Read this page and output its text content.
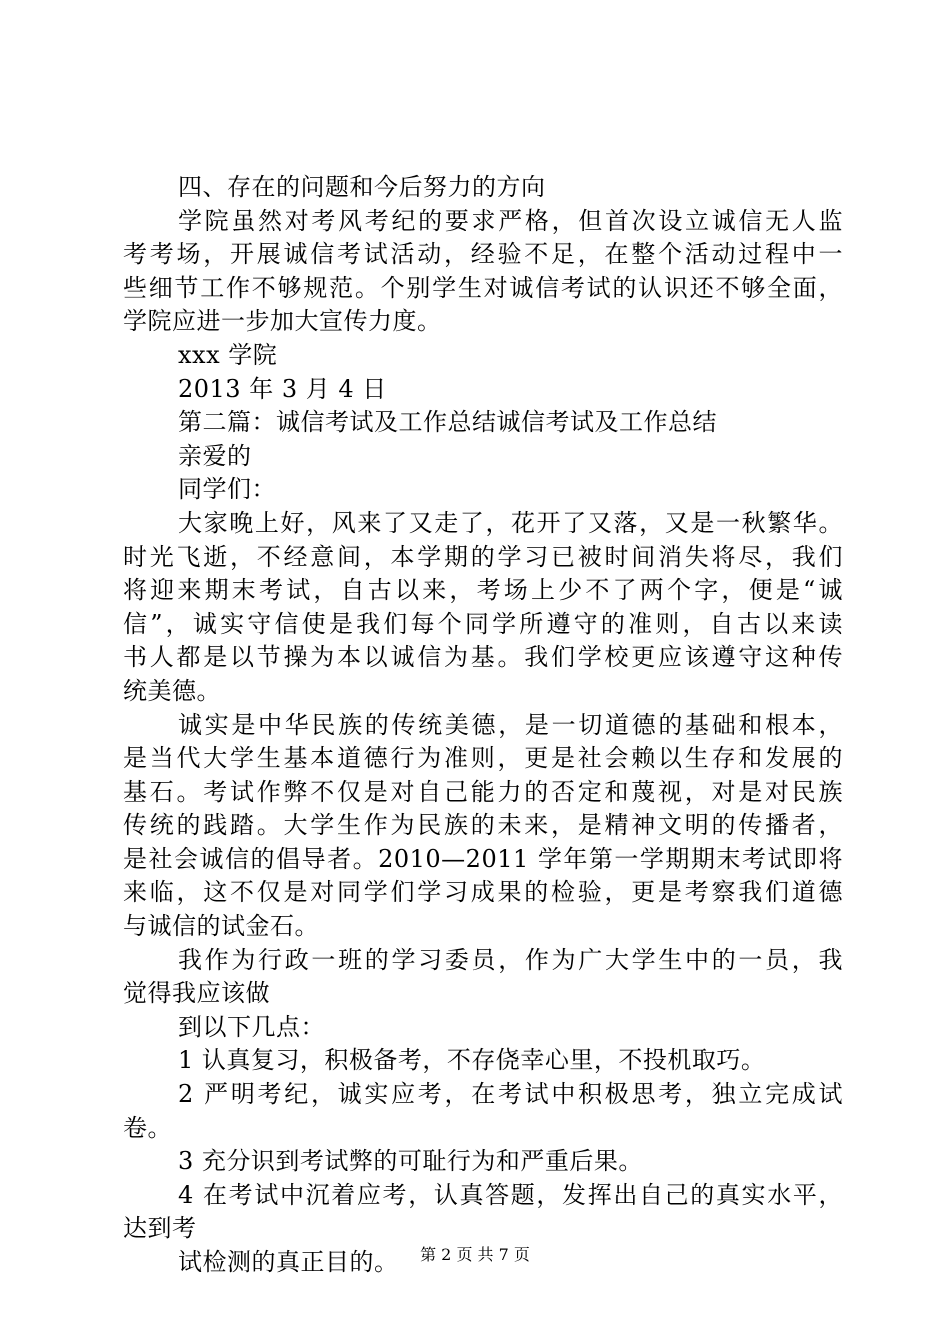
四、存在的问题和今后努力的方向
学院虽然对考风考纪的要求严格，但首次设立诚信无人监
考考场，开展诚信考试活动，经验不足，在整个活动过程中一
些细节工作不够规范。个别学生对诚信考试的认识还不够全面，
学院应进一步加大宣传力度。
xxx 学院
2013 年 3 月 4 日
第二篇：诚信考试及工作总结诚信考试及工作总结
亲爱的
同学们：
大家晚上好，风来了又走了，花开了又落，又是一秋繁华。
时光飞逝，不经意间，本学期的学习已被时间消失将尽，我们
将迎来期末考试，自古以来，考场上少不了两个字，便是“诚
信”，诚实守信使是我们每个同学所遵守的准则，自古以来读
书人都是以节操为本以诚信为基。我们学校更应该遵守这种传
统美德。
诚实是中华民族的传统美德，是一切道德的基础和根本，
是当代大学生基本道德行为准则，更是社会赖以生存和发展的
基石。考试作弊不仅是对自己能力的否定和蔑视，对是对民族
传统的践踏。大学生作为民族的未来，是精神文明的传播者，
是社会诚信的倡导者。2010—2011 学年第一学期期末考试即将
来临，这不仅是对同学们学习成果的检验，更是考察我们道德
与诚信的试金石。
我作为行政一班的学习委员，作为广大学生中的一员，我
觉得我应该做
到以下几点：
1 认真复习，积极备考，不存侥幸心里，不投机取巧。
2 严明考纪，诚实应考，在考试中积极思考，独立完成试
卷。
3 充分识到考试弊的可耻行为和严重后果。
4 在考试中沉着应考，认真答题，发挥出自己的真实水平，
达到考
试检测的真正目的。	第 2 页 共 7 页
